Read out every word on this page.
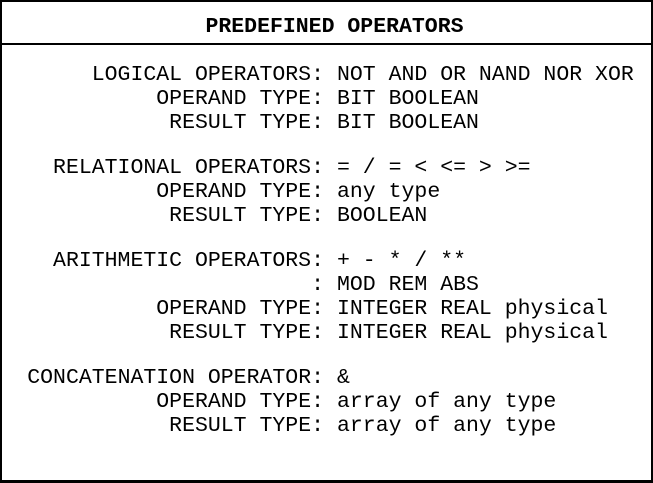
PREDEFINED OPERATORS
LOGICAL OPERATORS: NOT AND OR NAND NOR XOR
OPERAND TYPE: BIT BOOLEAN
RESULT TYPE: BIT BOOLEAN
RELATIONAL OPERATORS: = / = < <= > >=
OPERAND TYPE: any type
RESULT TYPE: BOOLEAN
ARITHMETIC OPERATORS: + - * / **
: MOD REM ABS
OPERAND TYPE: INTEGER REAL physical
RESULT TYPE: INTEGER REAL physical
CONCATENATION OPERATOR: &
OPERAND TYPE: array of any type
RESULT TYPE: array of any type
